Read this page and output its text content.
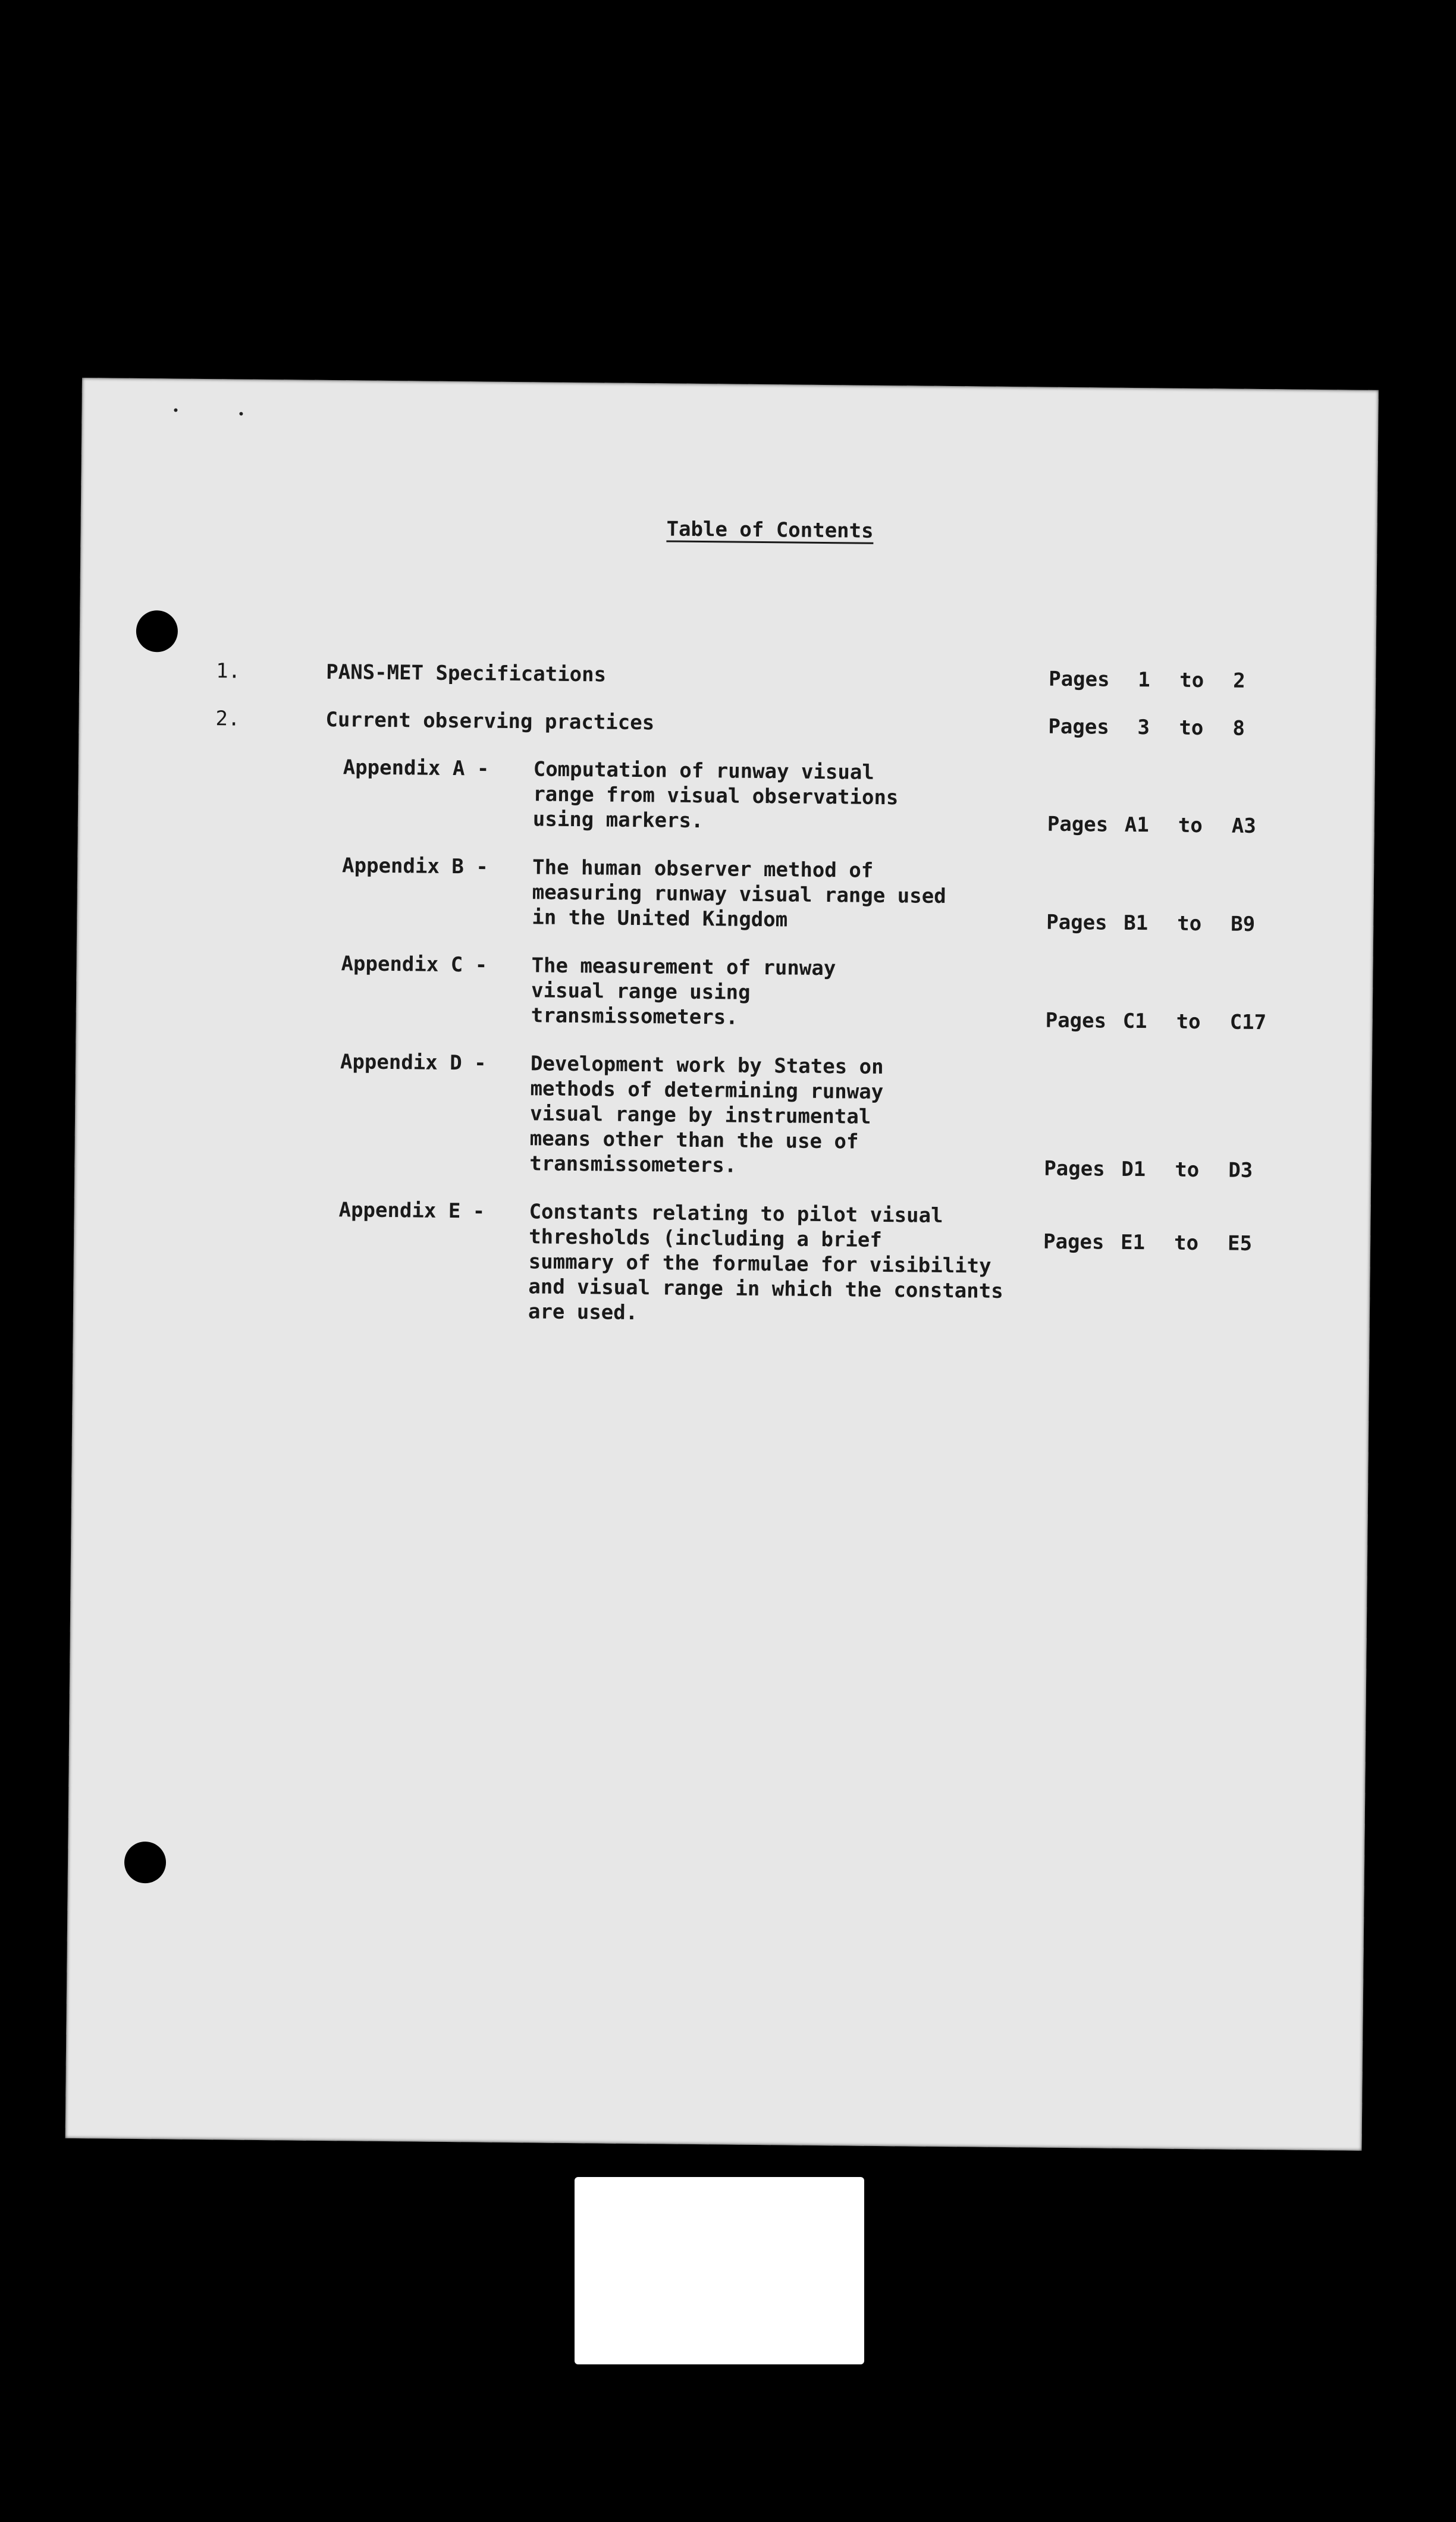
Table of Contents
1.	PANS-MET Specifications	Pages 1 to 2
2.	Current observing practices	Pages 3 to 8
Appendix A - Computation of runway visual
range from visual observations
using markers.	Pages A1 to A3
Appendix B - The human observer method of
measuring runway visual range used
in the United Kingdom	Pages B1 to B9
Appendix C - The measurement of runway
visual range using
transmissometers.	Pages C1 to C17
Appendix D - Development work by States on
methods of determining runway
visual range by instrumental
means other than the use of
transmissometers.	Pages D1 to D3
Appendix E - Constants relating to pilot visual
thresholds (including a brief
summary of the formulae for visibility
and visual range in which the constants
are used.
Pages E1 to E5
